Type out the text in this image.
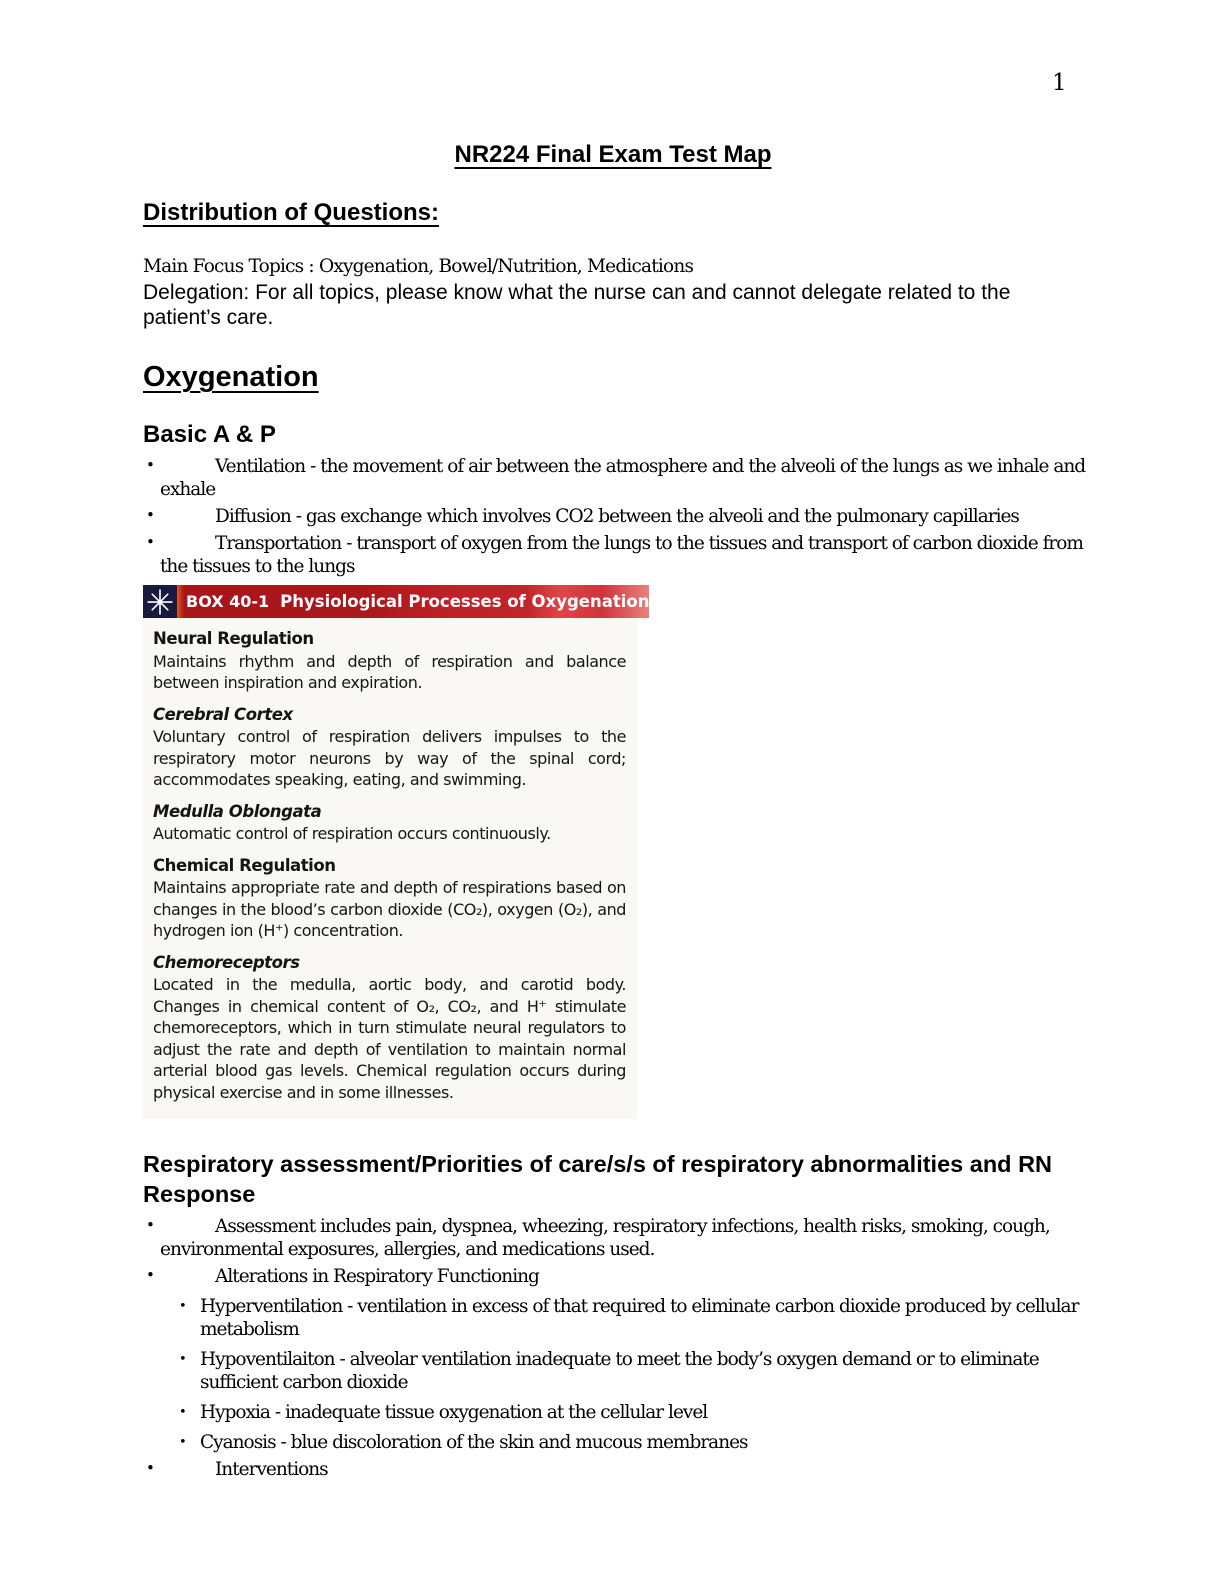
1
NR224 Final Exam Test Map
Distribution of Questions:

Main Focus Topics : Oxygenation, Bowel/Nutrition, Medications

Delegation: For all topics, please know what the nurse can and cannot delegate related to the patient’s care.

Oxygenation
Basic A & P
•	Ventilation - the movement of air between the atmosphere and the alveoli of the lungs as we inhale and exhale
•	Diffusion - gas exchange which involves CO2 between the alveoli and the pulmonary capillaries
•	Transportation - transport of oxygen from the lungs to the tissues and transport of carbon dioxide from the tissues to the lungs
BOX 40-1 Physiological Processes of Oxygenation
Neural Regulation

Maintains rhythm and depth of respiration and balance between inspiration and expiration.

Cerebral Cortex

Voluntary control of respiration delivers impulses to the respiratory motor neurons by way of the spinal cord; accommodates speaking, eating, and swimming.

Medulla Oblongata

Automatic control of respiration occurs continuously.

Chemical Regulation

Maintains appropriate rate and depth of respirations based on changes in the blood’s carbon dioxide (CO₂), oxygen (O₂), and hydrogen ion (H⁺) concentration.

Chemoreceptors

Located in the medulla, aortic body, and carotid body. Changes in chemical content of O₂, CO₂, and H⁺ stimulate chemoreceptors, which in turn stimulate neural regulators to adjust the rate and depth of ventilation to maintain normal arterial blood gas levels. Chemical regulation occurs during physical exercise and in some illnesses.

Respiratory assessment/Priorities of care/s/s of respiratory abnormalities and RN Response
•	Assessment includes pain, dyspnea, wheezing, respiratory infections, health risks, smoking, cough, environmental exposures, allergies, and medications used.
•	Alterations in Respiratory Functioning
• Hyperventilation - ventilation in excess of that required to eliminate carbon dioxide produced by cellular metabolism
• Hypoventilaiton - alveolar ventilation inadequate to meet the body’s oxygen demand or to eliminate sufficient carbon dioxide
• Hypoxia - inadequate tissue oxygenation at the cellular level
• Cyanosis - blue discoloration of the skin and mucous membranes
•	Interventions
